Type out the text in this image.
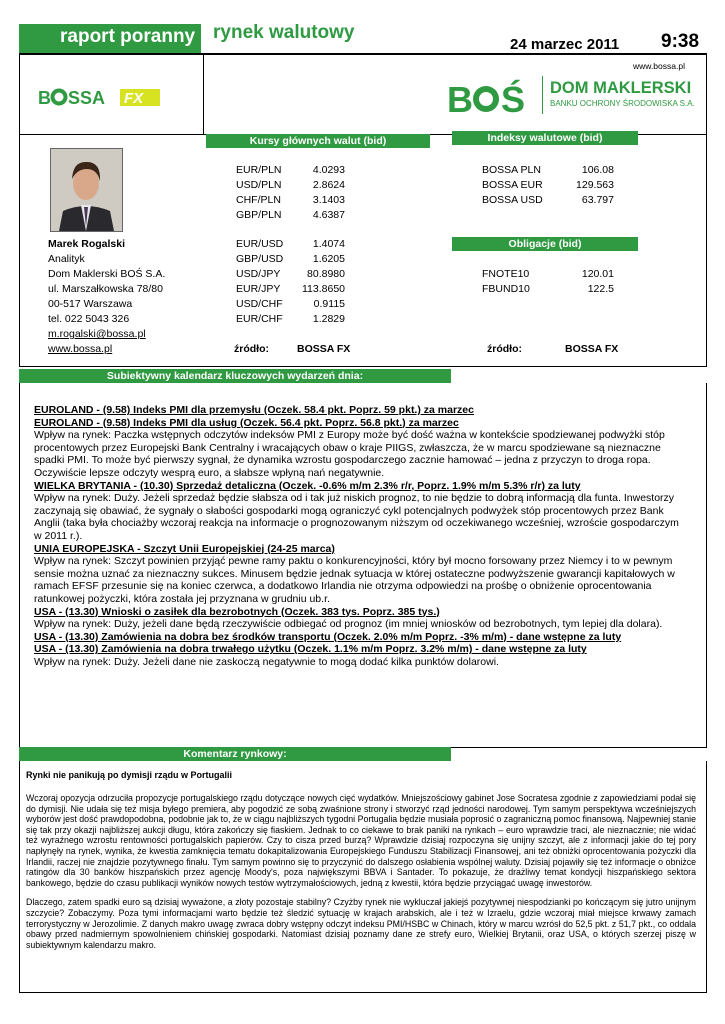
raport poranny rynek walutowy
24 marzec 2011 9:38
www.bossa.pl
B SSA FX	B Ś DOM MAKLERSKI
BANKU OCHRONY ŚRODOWISKA S.A.
Marek Rogalski
Analityk
Dom Maklerski BOŚ S.A.
ul. Marszałkowska 78/80
00-517 Warszawa
tel. 022 5043 326
m.rogalski@bossa.pl
www.bossa.pl
Kursy głównych walut (bid)
EUR/PLN	4.0293
USD/PLN	2.8624
CHF/PLN	3.1403
GBP/PLN	4.6387
EUR/USD	1.4074
GBP/USD	1.6205
USD/JPY	80.8980
EUR/JPY 113.8650
USD/CHF	0.9115
EUR/CHF	1.2829
źródło:	BOSSA FX
Indeksy walutowe (bid)
BOSSA PLN	106.08
BOSSA EUR	129.563
BOSSA USD	63.797
Obligacje (bid)
FNOTE10	120.01
FBUND10	122.5
źródło:	BOSSA FX
Subiektywny kalendarz kluczowych wydarzeń dnia:

EUROLAND - (9.58) Indeks PMI dla przemysłu (Oczek. 58.4 pkt. Poprz. 59 pkt.) za marzec

EUROLAND - (9.58) Indeks PMI dla usług (Oczek. 56.4 pkt. Poprz. 56.8 pkt.) za marzec

Wpływ na rynek: Paczka wstępnych odczytów indeksów PMI z Europy może być dość ważna w kontekście spodziewanej podwyżki stóp procentowych przez Europejski Bank Centralny i wracających obaw o kraje PIIGS, zwłaszcza, że w marcu spodziewane są nieznaczne spadki PMI. To może być pierwszy sygnał, że dynamika wzrostu gospodarczego zacznie hamować – jedna z przyczyn to droga ropa. Oczywiście lepsze odczyty wesprą euro, a słabsze wpłyną nań negatywnie.

WIELKA BRYTANIA - (10.30) Sprzedaż detaliczna (Oczek. -0.6% m/m 2.3% r/r, Poprz. 1.9% m/m 5.3% r/r) za luty

Wpływ na rynek: Duży. Jeżeli sprzedaż będzie słabsza od i tak już niskich prognoz, to nie będzie to dobrą informacją dla funta. Inwestorzy zaczynają się obawiać, że sygnały o słabości gospodarki mogą ograniczyć cykl potencjalnych podwyżek stóp procentowych przez Bank Anglii (taka była chociażby wczoraj reakcja na informacje o prognozowanym niższym od oczekiwanego wcześniej, wzroście gospodarczym w 2011 r.).

UNIA EUROPEJSKA - Szczyt Unii Europejskiej (24-25 marca)

Wpływ na rynek: Szczyt powinien przyjąć pewne ramy paktu o konkurencyjności, który był mocno forsowany przez Niemcy i to w pewnym sensie można uznać za nieznaczny sukces. Minusem będzie jednak sytuacja w której ostateczne podwyższenie gwarancji kapitałowych w ramach EFSF przesunie się na koniec czerwca, a dodatkowo Irlandia nie otrzyma odpowiedzi na prośbę o obniżenie oprocentowania ratunkowej pożyczki, która została jej przyznana w grudniu ub.r.

USA - (13.30) Wnioski o zasiłek dla bezrobotnych (Oczek. 383 tys. Poprz. 385 tys.)

Wpływ na rynek: Duży, jeżeli dane będą rzeczywiście odbiegać od prognoz (im mniej wniosków od bezrobotnych, tym lepiej dla dolara).

USA - (13.30) Zamówienia na dobra bez środków transportu (Oczek. 2.0% m/m Poprz. -3% m/m) - dane wstępne za luty

USA - (13.30) Zamówienia na dobra trwałego użytku (Oczek. 1.1% m/m Poprz. 3.2% m/m) - dane wstępne za luty

Wpływ na rynek: Duży. Jeżeli dane nie zaskoczą negatywnie to mogą dodać kilka punktów dolarowi.

Komentarz rynkowy:
Rynki nie panikują po dymisji rządu w Portugalii

Wczoraj opozycja odrzuciła propozycje portugalskiego rządu dotyczące nowych cięć wydatków. Mniejszościowy gabinet Jose Socratesa zgodnie z zapowiedziami podał się do dymisji. Nie udała się też misja byłego premiera, aby pogodzić ze sobą zwaśnione strony i stworzyć rząd jedności narodowej. Tym samym perspektywa wcześniejszych wyborów jest dość prawdopodobna, podobnie jak to, że w ciągu najbliższych tygodni Portugalia będzie musiała poprosić o zagraniczną pomoc finansową. Najpewniej stanie się tak przy okazji najbliższej aukcji długu, która zakończy się fiaskiem. Jednak to co ciekawe to brak paniki na rynkach – euro wprawdzie traci, ale nieznacznie; nie widać też wyraźnego wzrostu rentowności portugalskich papierów. Czy to cisza przed burzą? Wprawdzie dzisiaj rozpoczyna się unijny szczyt, ale z informacji jakie do tej pory napłynęły na rynek, wynika, że kwestia zamknięcia tematu dokapitalizowania Europejskiego Funduszu Stabilizacji Finansowej, ani też obniżki oprocentowania pożyczki dla Irlandii, raczej nie znajdzie pozytywnego finału. Tym samym powinno się to przyczynić do dalszego osłabienia wspólnej waluty. Dzisiaj pojawiły się też informacje o obniżce ratingów dla 30 banków hiszpańskich przez agencję Moody's, poza największymi BBVA i Santader. To pokazuje, że drażliwy temat kondycji hiszpańskiego sektora bankowego, będzie do czasu publikacji wyników nowych testów wytrzymałościowych, jedną z kwestii, która będzie przyciągać uwagę inwestorów.

Dlaczego, zatem spadki euro są dzisiaj wyważone, a złoty pozostaje stabilny? Czyżby rynek nie wykluczał jakiejś pozytywnej niespodzianki po kończącym się jutro unijnym szczycie? Zobaczymy. Poza tymi informacjami warto będzie też śledzić sytuację w krajach arabskich, ale i też w Izraelu, gdzie wczoraj miał miejsce krwawy zamach terrorystyczny w Jerozolimie. Z danych makro uwagę zwraca dobry wstępny odczyt indeksu PMI/HSBC w Chinach, który w marcu wzrósł do 52,5 pkt. z 51,7 pkt., co oddala obawy przed nadmiernym spowolnieniem chińskiej gospodarki. Natomiast dzisiaj poznamy dane ze strefy euro, Wielkiej Brytanii, oraz USA, o których szerzej piszę w subiektywnym kalendarzu makro.
